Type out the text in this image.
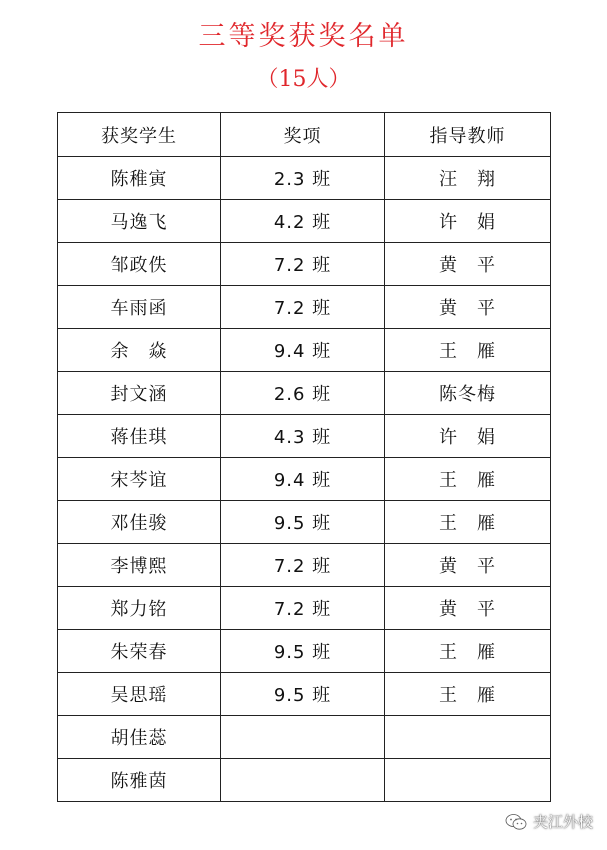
三等奖获奖名单
（15人）
获奖学生	奖项	指导教师
陈稚寅	2.3 班	汪　翔
马逸飞	4.2 班	许　娟
邹政佚	7.2 班	黄　平
车雨函	7.2 班	黄　平
余　焱	9.4 班	王　雁
封文涵	2.6 班	陈冬梅
蒋佳琪	4.3 班	许　娟
宋芩谊	9.4 班	王　雁
邓佳骏	9.5 班	王　雁
李博熙	7.2 班	黄　平
郑力铭	7.2 班	黄　平
朱荣春	9.5 班	王　雁
吴思瑶	9.5 班	王　雁
胡佳蕊		
陈雅茵		
夹江外校
